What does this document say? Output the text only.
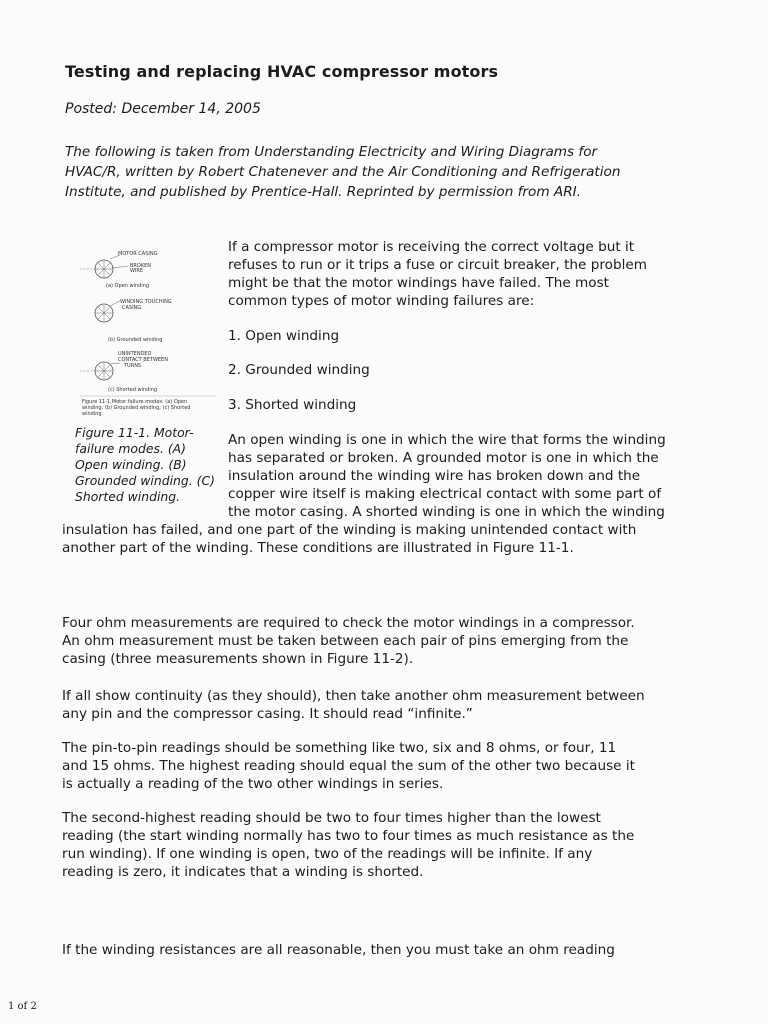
Testing and replacing HVAC compressor motors
Posted: December 14, 2005
The following is taken from Understanding Electricity and Wiring Diagrams for
HVAC/R, written by Robert Chatenever and the Air Conditioning and Refrigeration
Institute, and published by Prentice-Hall. Reprinted by permission from ARI.
MOTOR CASING
BROKEN
WIRE
(a) Open winding
WINDING TOUCHING
CASING
(b) Grounded winding
UNINTENDED
CONTACT BETWEEN
TURNS
(c) Shorted winding
Figure 11-1 Motor failure modes: (a) Open
winding; (b) Grounded winding; (c) Shorted
winding
Figure 11-1. Motor-
failure modes. (A)
Open winding. (B)
Grounded winding. (C)
Shorted winding.
If a compressor motor is receiving the correct voltage but it
refuses to run or it trips a fuse or circuit breaker, the problem
might be that the motor windings have failed. The most
common types of motor winding failures are:
1. Open winding
2. Grounded winding
3. Shorted winding
An open winding is one in which the wire that forms the winding
has separated or broken. A grounded motor is one in which the
insulation around the winding wire has broken down and the
copper wire itself is making electrical contact with some part of
the motor casing. A shorted winding is one in which the winding
insulation has failed, and one part of the winding is making unintended contact with
another part of the winding. These conditions are illustrated in Figure 11-1.
Four ohm measurements are required to check the motor windings in a compressor.
An ohm measurement must be taken between each pair of pins emerging from the
casing (three measurements shown in Figure 11-2).
If all show continuity (as they should), then take another ohm measurement between
any pin and the compressor casing. It should read “infinite.”
The pin-to-pin readings should be something like two, six and 8 ohms, or four, 11
and 15 ohms. The highest reading should equal the sum of the other two because it
is actually a reading of the two other windings in series.
The second-highest reading should be two to four times higher than the lowest
reading (the start winding normally has two to four times as much resistance as the
run winding). If one winding is open, two of the readings will be infinite. If any
reading is zero, it indicates that a winding is shorted.
If the winding resistances are all reasonable, then you must take an ohm reading
1 of 2
